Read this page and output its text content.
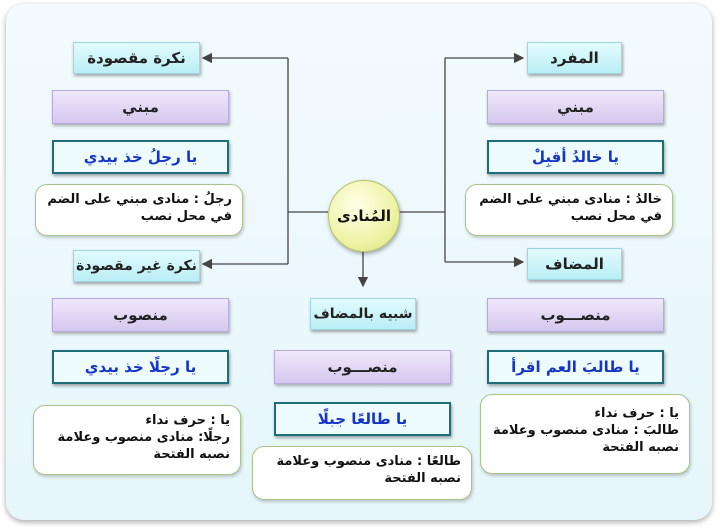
المُنادى
المفرد
مبني
يا خالدُ أقبِلْ
خالدُ : منادى مبني على الضم
في محل نصب
نكرة مقصودة
مبني
يا رجلُ خذ بيدي
رجلُ : منادى مبني على الضم
في محل نصب
نكرة غير مقصودة
منصوب
يا رجلًا خذ بيدي
يا : حرف نداء
رجلًا: منادى منصوب وعلامة
نصبه الفتحة
شبيه بالمضاف
منصـــوب
يا طالعًا جبلًا
طالعًا : منادى منصوب وعلامة
نصبه الفتحة
المضاف
منصـــوب
يا طالبَ العم اقرأ
يا : حرف نداء
طالبَ : منادى منصوب وعلامة
نصبه الفتحة
